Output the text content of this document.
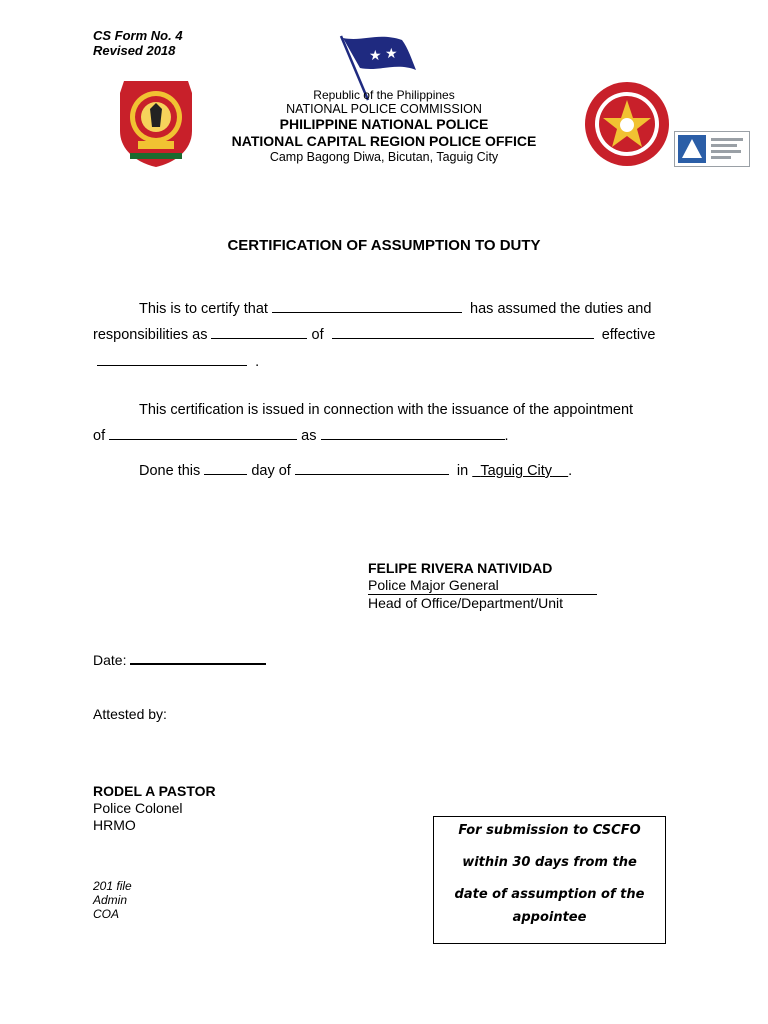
CS Form No. 4
Revised 2018	★ ★
Republic of the Philippines
NATIONAL POLICE COMMISSION
PHILIPPINE NATIONAL POLICE
NATIONAL CAPITAL REGION POLICE OFFICE
Camp Bagong Diwa, Bicutan, Taguig City
CERTIFICATION OF ASSUMPTION TO DUTY
This is to certify that	has assumed the duties and
responsibilities as	of	effective
.
This certification is issued in connection with the issuance of the appointment
of	as	.
Done this	day of	in Taguig City .
FELIPE RIVERA NATIVIDAD
Police Major General
Head of Office/Department/Unit
Date:
Attested by:
RODEL A PASTOR
Police Colonel
HRMO
201 file
Admin
COA
For submission to CSCFO
within 30 days from the
date of assumption of the
appointee
